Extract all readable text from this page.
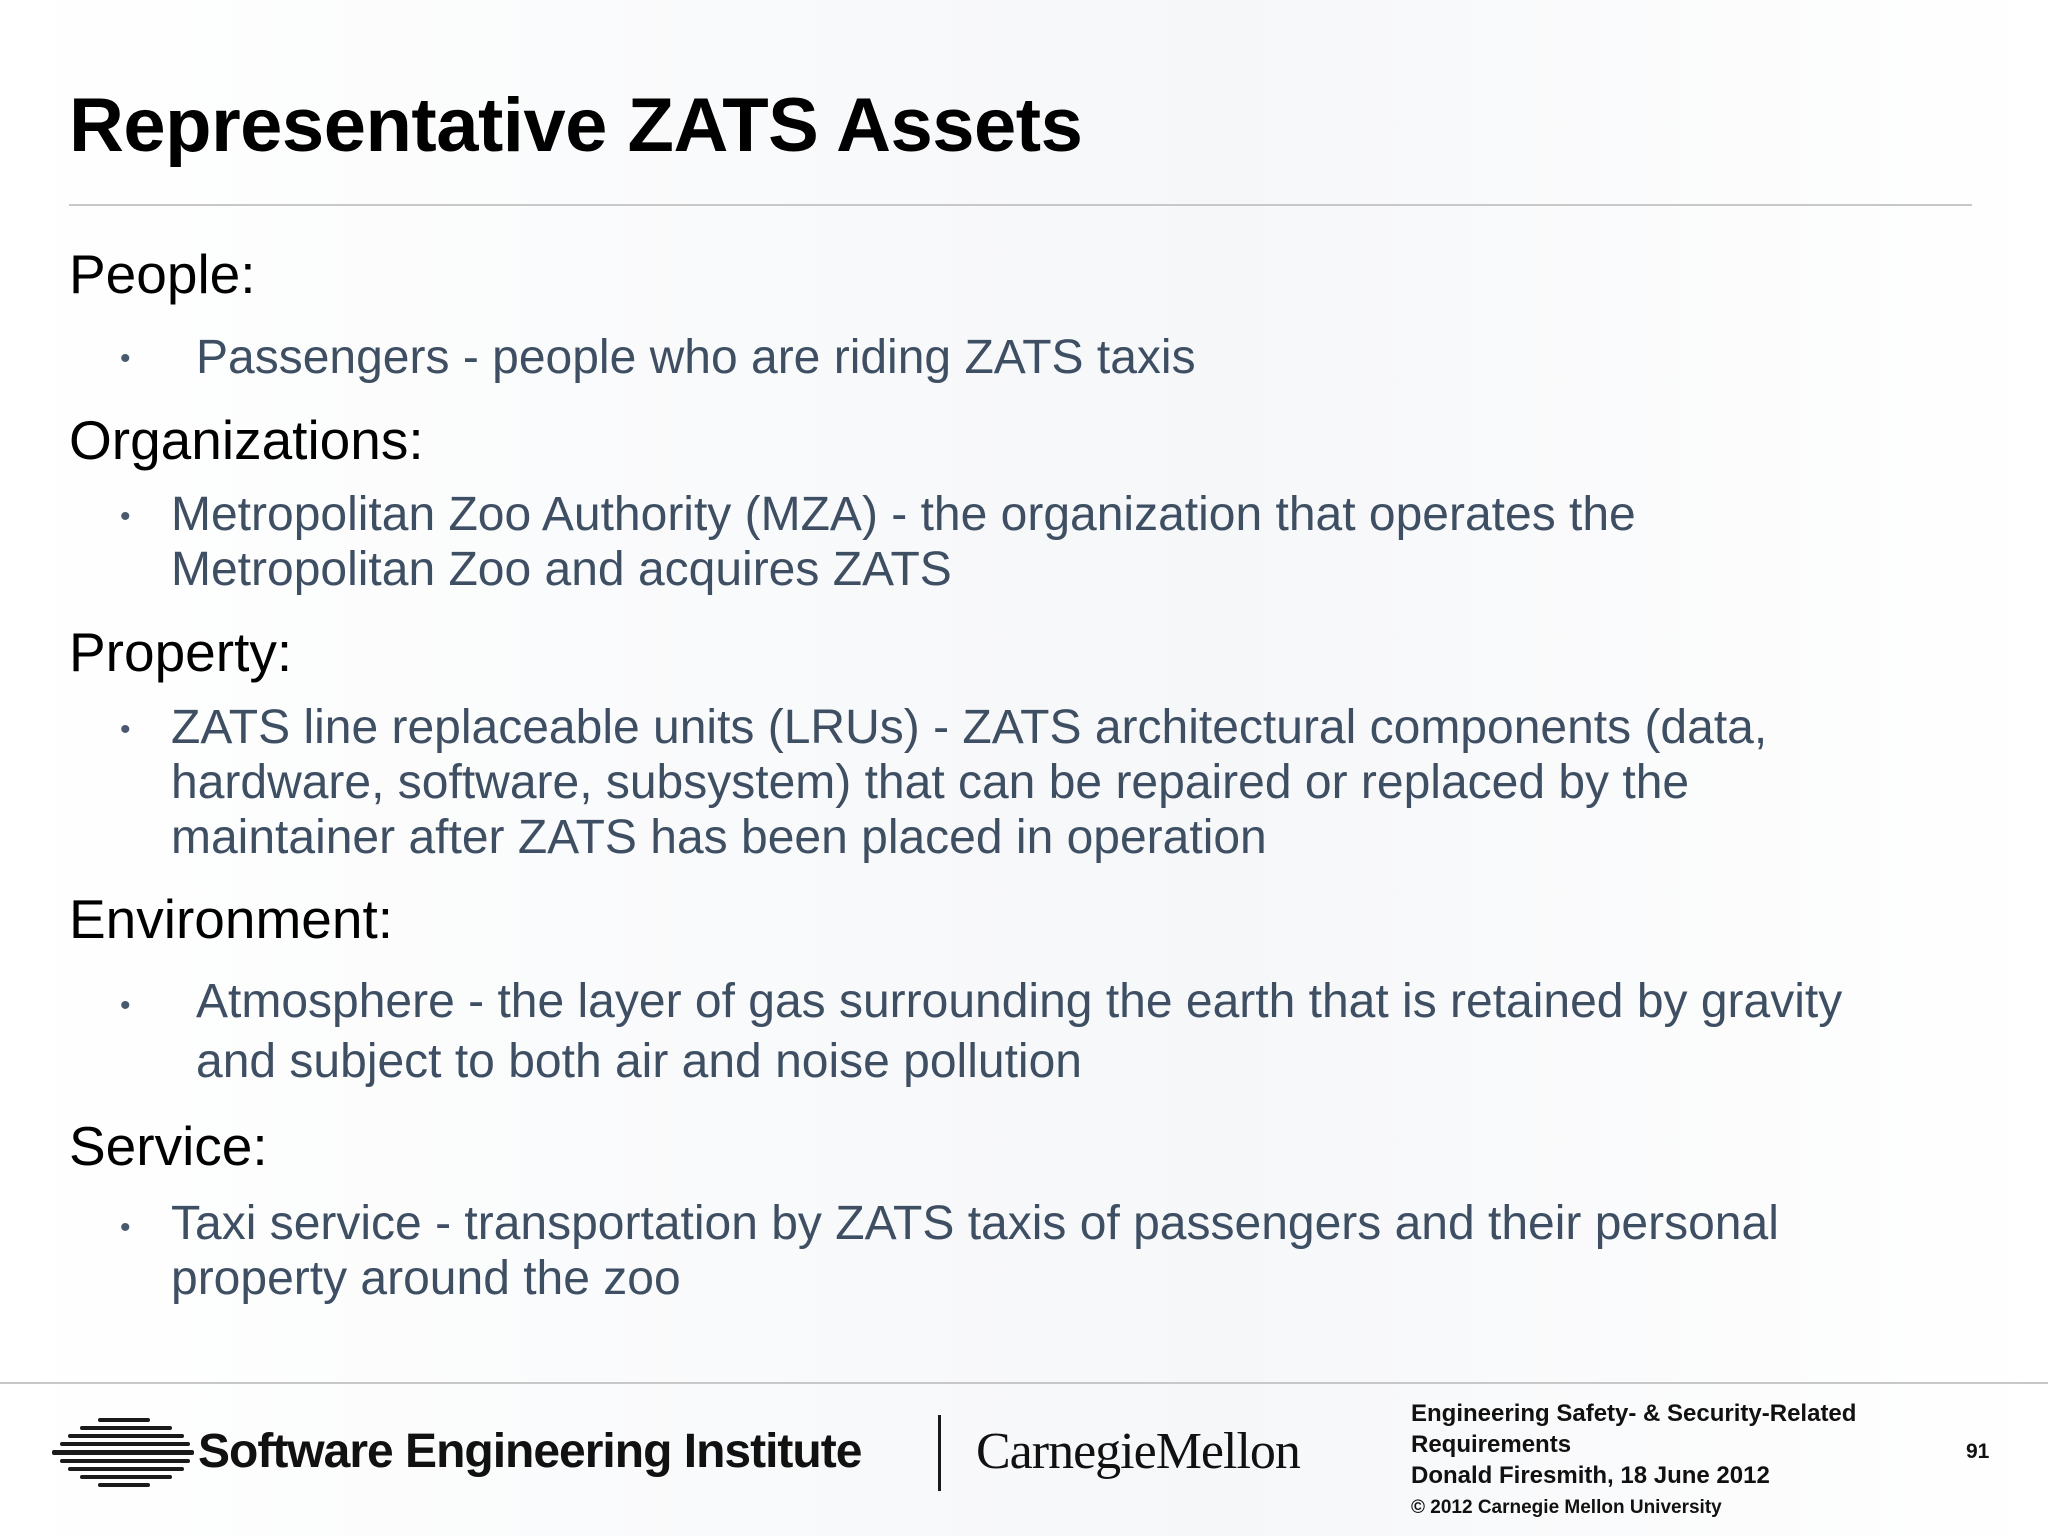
Representative ZATS Assets
People:
• Passengers - people who are riding ZATS taxis
Organizations:
• Metropolitan Zoo Authority (MZA) - the organization that operates the
Metropolitan Zoo and acquires ZATS
Property:
• ZATS line replaceable units (LRUs) - ZATS architectural components (data,
hardware, software, subsystem) that can be repaired or replaced by the
maintainer after ZATS has been placed in operation
Environment:
• Atmosphere - the layer of gas surrounding the earth that is retained by gravity
and subject to both air and noise pollution
Service:
• Taxi service - transportation by ZATS taxis of passengers and their personal
property around the zoo
Software Engineering Institute CarnegieMellon
Engineering Safety- & Security-Related
Requirements
Donald Firesmith, 18 June 2012
91
© 2012 Carnegie Mellon University
